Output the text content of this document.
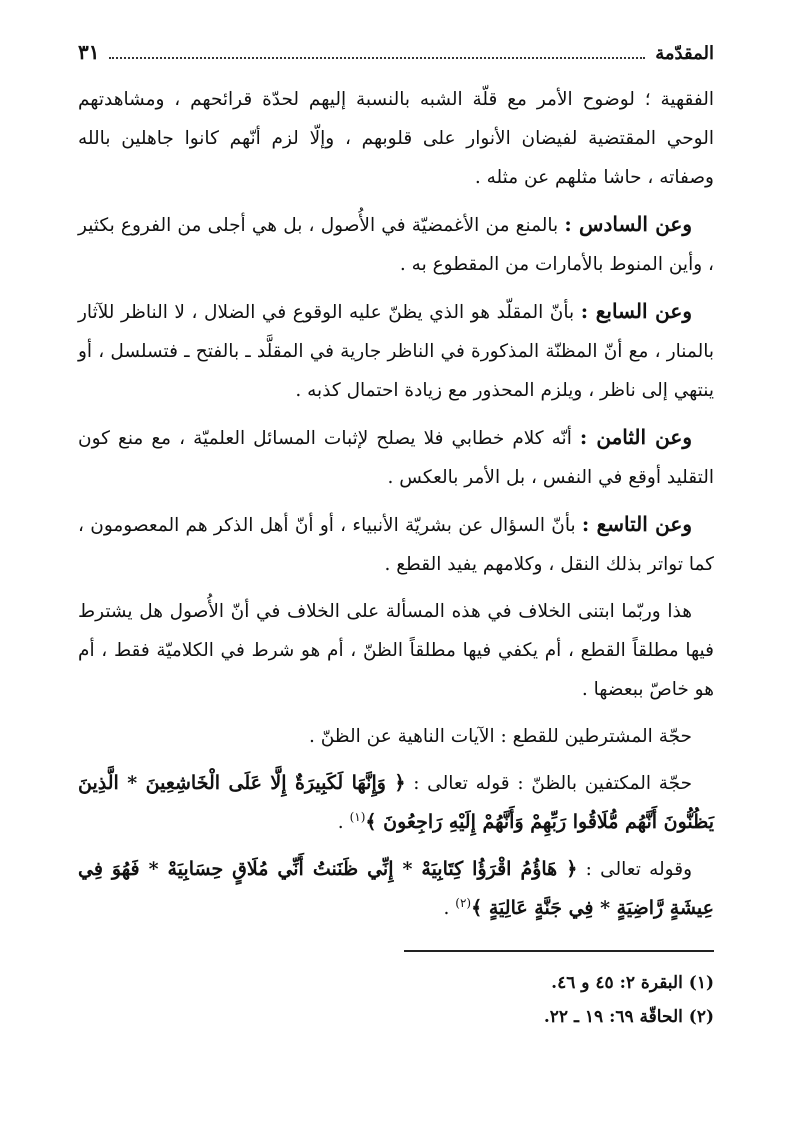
المقدّمة
٣١

الفقهية ؛ لوضوح الأمر مع قلّة الشبه بالنسبة إليهم لحدّة قرائحهم ، ومشاهدتهم الوحي المقتضية لفيضان الأنوار على قلوبهم ، وإلّا لزم أنّهم كانوا جاهلين بالله وصفاته ، حاشا مثلهم عن مثله .

وعن السادس : بالمنع من الأغمضيّة في الأُصول ، بل هي أجلى من الفروع بكثير ، وأين المنوط بالأمارات من المقطوع به .

وعن السابع : بأنّ المقلّد هو الذي يظنّ عليه الوقوع في الضلال ، لا الناظر للآثار بالمنار ، مع أنّ المظنّة المذكورة في الناظر جارية في المقلَّد ـ بالفتح ـ فتسلسل ، أو ينتهي إلى ناظر ، ويلزم المحذور مع زيادة احتمال كذبه .

وعن الثامن : أنّه كلام خطابي فلا يصلح لإثبات المسائل العلميّة ، مع منع كون التقليد أوقع في النفس ، بل الأمر بالعكس .

وعن التاسع : بأنّ السؤال عن بشريّة الأنبياء ، أو أنّ أهل الذكر هم المعصومون ، كما تواتر بذلك النقل ، وكلامهم يفيد القطع .

هذا وربّما ابتنى الخلاف في هذه المسألة على الخلاف في أنّ الأُصول هل يشترط فيها مطلقاً القطع ، أم يكفي فيها مطلقاً الظنّ ، أم هو شرط في الكلاميّة فقط ، أم هو خاصّ ببعضها .

حجّة المشترطين للقطع : الآيات الناهية عن الظنّ .

حجّة المكتفين بالظنّ : قوله تعالى : ﴿ وَإِنَّهَا لَكَبِيرَةٌ إِلَّا عَلَى الْخَاشِعِينَ * الَّذِينَ يَظُنُّونَ أَنَّهُم مُّلَاقُوا رَبِّهِمْ وَأَنَّهُمْ إِلَيْهِ رَاجِعُونَ ﴾$^{(١)}$ .

وقوله تعالى : ﴿ هَاؤُمُ اقْرَؤُا كِتَابِيَهْ * إِنِّي ظَنَنتُ أَنِّي مُلَاقٍ حِسَابِيَهْ * فَهُوَ فِي عِيشَةٍ رَّاضِيَةٍ * فِي جَنَّةٍ عَالِيَةٍ ﴾$^{(٢)}$ .

(١) البقرة ٢: ٤٥ و ٤٦.

(٢) الحاقّة ٦٩: ١٩ ـ ٢٢.
